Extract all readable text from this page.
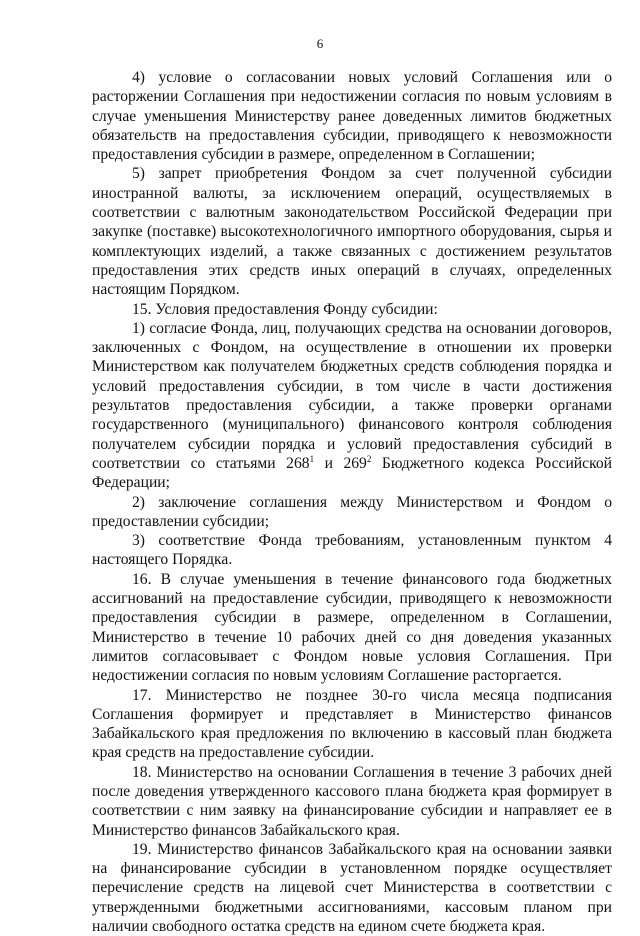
6

4) условие о согласовании новых условий Соглашения или о расторжении Соглашения при недостижении согласия по новым условиям в случае уменьшения Министерству ранее доведенных лимитов бюджетных обязательств на предоставления субсидии, приводящего к невозможности предоставления субсидии в размере, определенном в Соглашении;

5) запрет приобретения Фондом за счет полученной субсидии иностранной валюты, за исключением операций, осуществляемых в соответствии с валютным законодательством Российской Федерации при закупке (поставке) высокотехнологичного импортного оборудования, сырья и комплектующих изделий, а также связанных с достижением результатов предоставления этих средств иных операций в случаях, определенных настоящим Порядком.

15. Условия предоставления Фонду субсидии:

1) согласие Фонда, лиц, получающих средства на основании договоров, заключенных с Фондом, на осуществление в отношении их проверки Министерством как получателем бюджетных средств соблюдения порядка и условий предоставления субсидии, в том числе в части достижения результатов предоставления субсидии, а также проверки органами государственного (муниципального) финансового контроля соблюдения получателем субсидии порядка и условий предоставления субсидий в соответствии со статьями $268^1$ и $269^2$ Бюджетного кодекса Российской Федерации;

2) заключение соглашения между Министерством и Фондом о предоставлении субсидии;

3) соответствие Фонда требованиям, установленным пунктом 4 настоящего Порядка.

16. В случае уменьшения в течение финансового года бюджетных ассигнований на предоставление субсидии, приводящего к невозможности предоставления субсидии в размере, определенном в Соглашении, Министерство в течение 10 рабочих дней со дня доведения указанных лимитов согласовывает с Фондом новые условия Соглашения. При недостижении согласия по новым условиям Соглашение расторгается.

17. Министерство не позднее 30-го числа месяца подписания Соглашения формирует и представляет в Министерство финансов Забайкальского края предложения по включению в кассовый план бюджета края средств на предоставление субсидии.

18. Министерство на основании Соглашения в течение 3 рабочих дней после доведения утвержденного кассового плана бюджета края формирует в соответствии с ним заявку на финансирование субсидии и направляет ее в Министерство финансов Забайкальского края.

19. Министерство финансов Забайкальского края на основании заявки на финансирование субсидии в установленном порядке осуществляет перечисление средств на лицевой счет Министерства в соответствии с утвержденными бюджетными ассигнованиями, кассовым планом при наличии свободного остатка средств на едином счете бюджета края.
